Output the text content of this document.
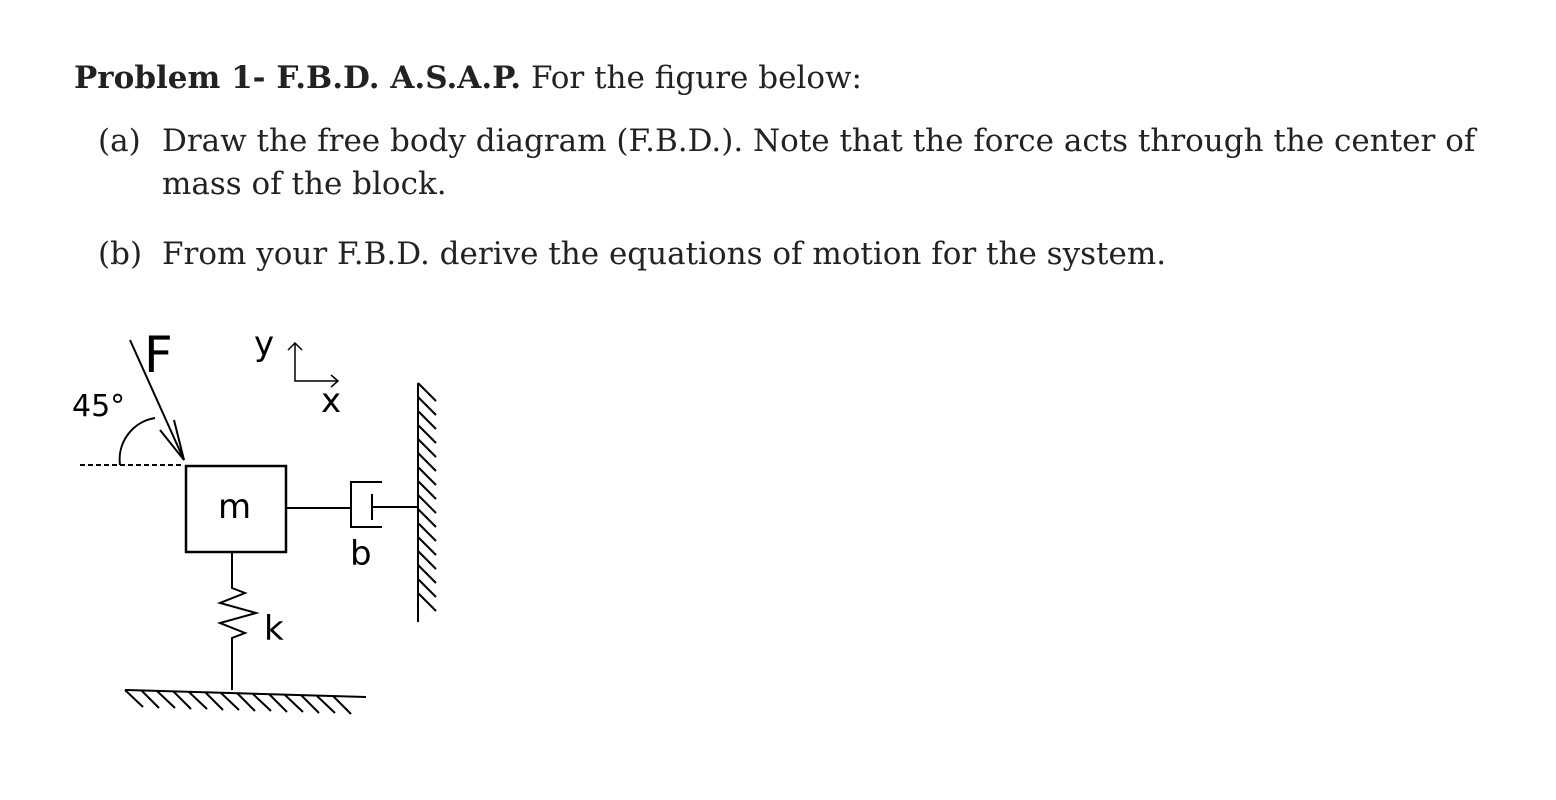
Problem 1- F.B.D. A.S.A.P. For the figure below:
(a) Draw the free body diagram (F.B.D.). Note that the force acts through the center of mass of the block.
(b) From your F.B.D. derive the equations of motion for the system.
F
45°
y
x
m
b
k
